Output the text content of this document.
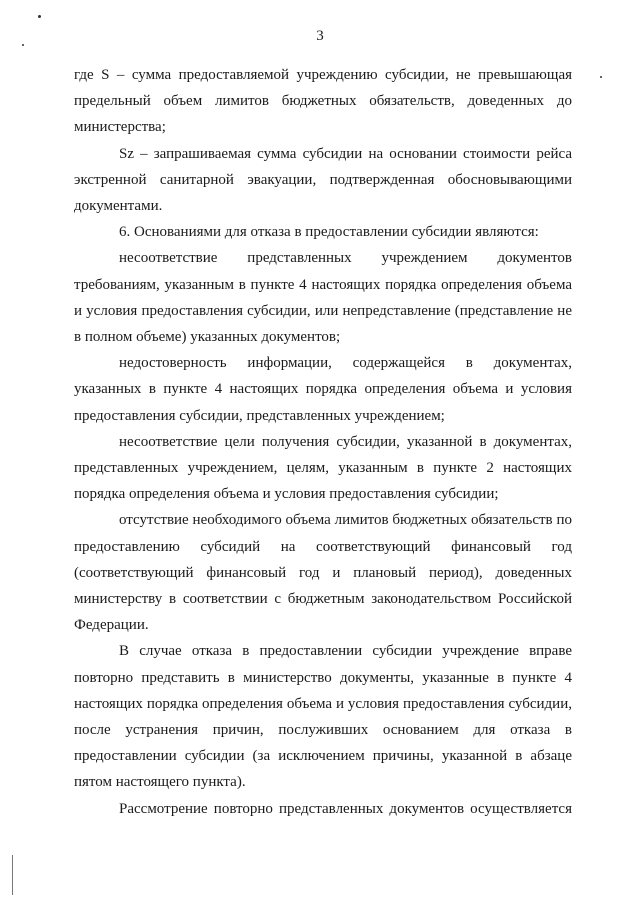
3

где S – сумма предоставляемой учреждению субсидии, не превышающая предельный объем лимитов бюджетных обязательств, доведенных до министерства;

Sz – запрашиваемая сумма субсидии на основании стоимости рейса экстренной санитарной эвакуации, подтвержденная обосновывающими документами.

6. Основаниями для отказа в предоставлении субсидии являются:

несоответствие представленных учреждением документов требованиям, указанным в пункте 4 настоящих порядка определения объема и условия предоставления субсидии, или непредставление (представление не в полном объеме) указанных документов;

недостоверность информации, содержащейся в документах, указанных в пункте 4 настоящих порядка определения объема и условия предоставления субсидии, представленных учреждением;

несоответствие цели получения субсидии, указанной в документах, представленных учреждением, целям, указанным в пункте 2 настоящих порядка определения объема и условия предоставления субсидии;

отсутствие необходимого объема лимитов бюджетных обязательств по предоставлению субсидий на соответствующий финансовый год (соответствующий финансовый год и плановый период), доведенных министерству в соответствии с бюджетным законодательством Российской Федерации.

В случае отказа в предоставлении субсидии учреждение вправе повторно представить в министерство документы, указанные в пункте 4 настоящих порядка определения объема и условия предоставления субсидии, после устранения причин, послуживших основанием для отказа в предоставлении субсидии (за исключением причины, указанной в абзаце пятом настоящего пункта).

Рассмотрение повторно представленных документов осуществляется
